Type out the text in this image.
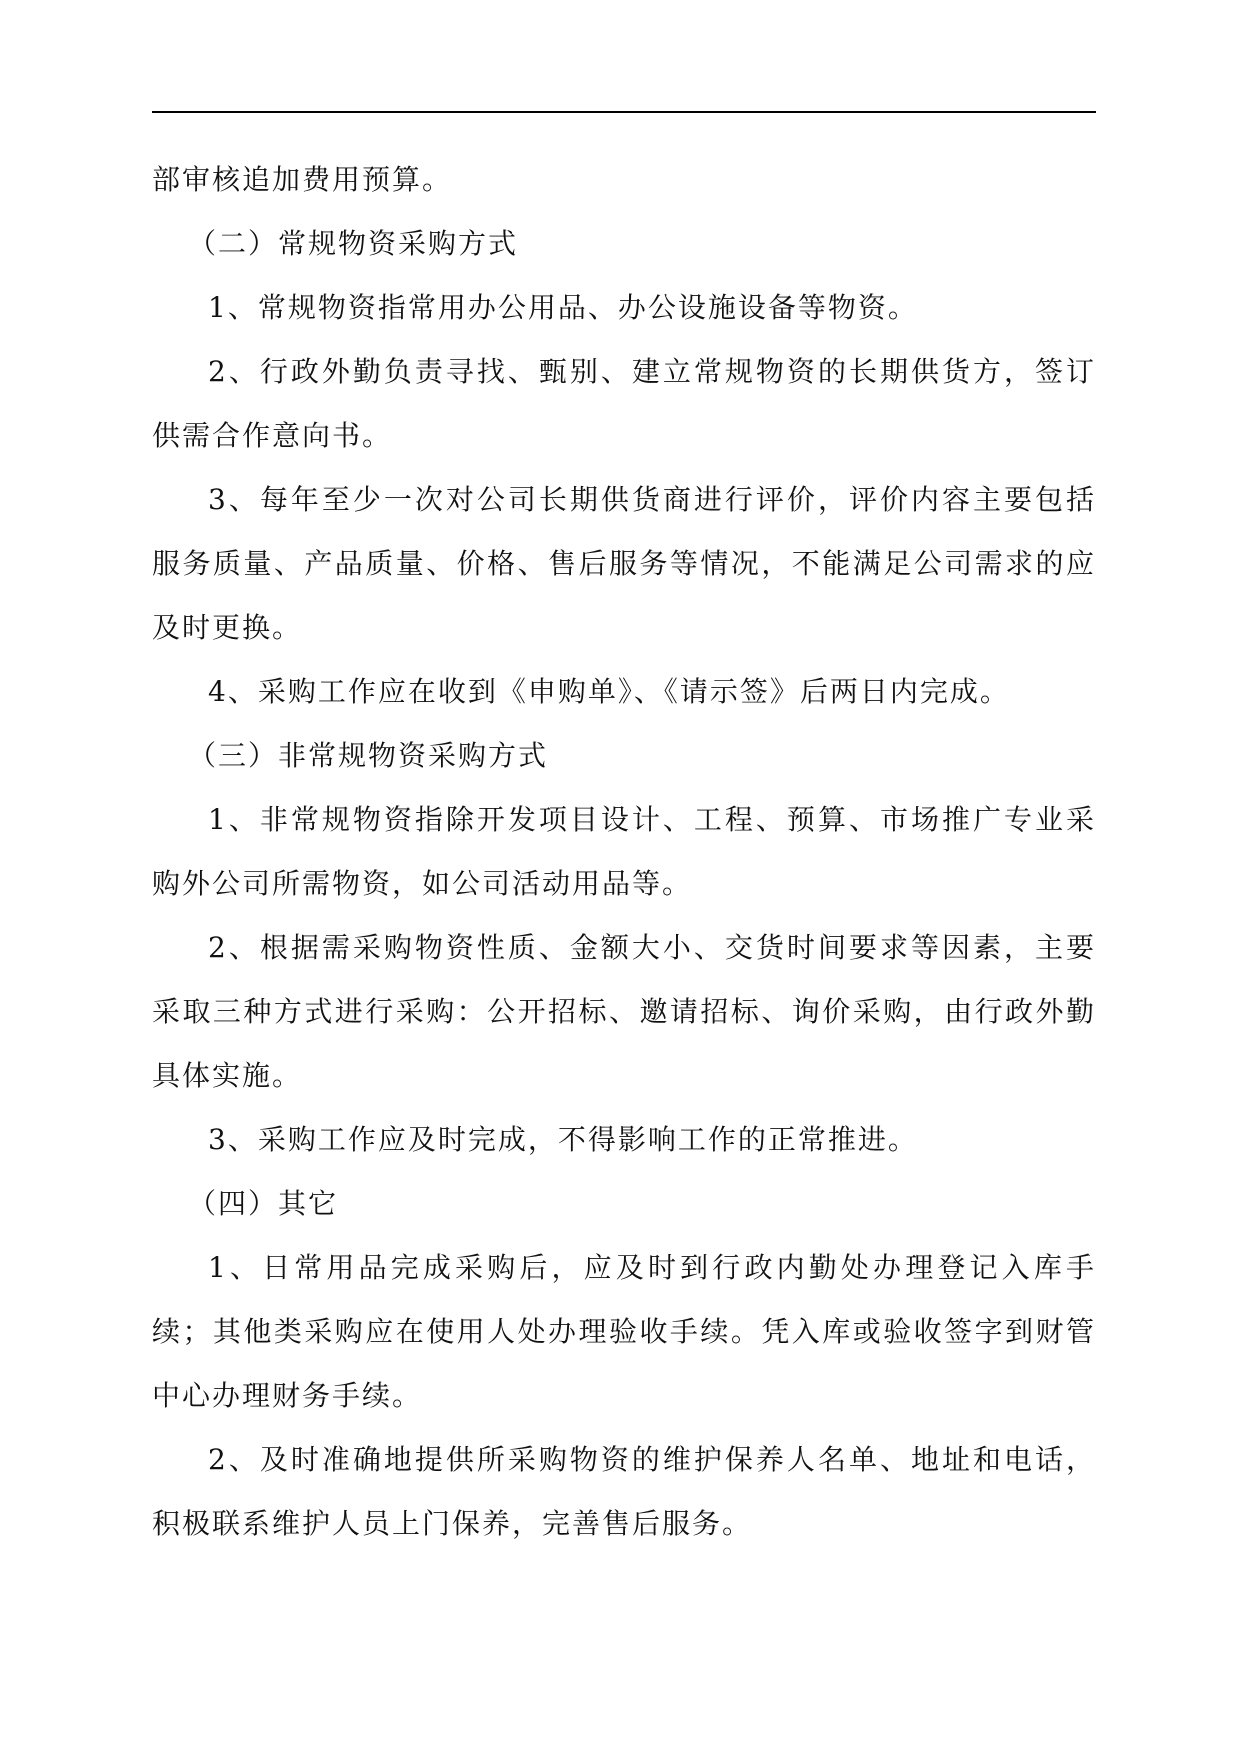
部审核追加费用预算。

（二）常规物资采购方式

1、常规物资指常用办公用品、办公设施设备等物资。

2、行政外勤负责寻找、甄别、建立常规物资的长期供货方，签订供需合作意向书。

3、每年至少一次对公司长期供货商进行评价，评价内容主要包括服务质量、产品质量、价格、售后服务等情况，不能满足公司需求的应及时更换。

4、采购工作应在收到《申购单》、《请示签》后两日内完成。

（三）非常规物资采购方式

1、非常规物资指除开发项目设计、工程、预算、市场推广专业采购外公司所需物资，如公司活动用品等。

2、根据需采购物资性质、金额大小、交货时间要求等因素，主要采取三种方式进行采购：公开招标、邀请招标、询价采购，由行政外勤具体实施。

3、采购工作应及时完成，不得影响工作的正常推进。

（四）其它

1、日常用品完成采购后，应及时到行政内勤处办理登记入库手续；其他类采购应在使用人处办理验收手续。凭入库或验收签字到财管中心办理财务手续。

2、及时准确地提供所采购物资的维护保养人名单、地址和电话，积极联系维护人员上门保养，完善售后服务。
